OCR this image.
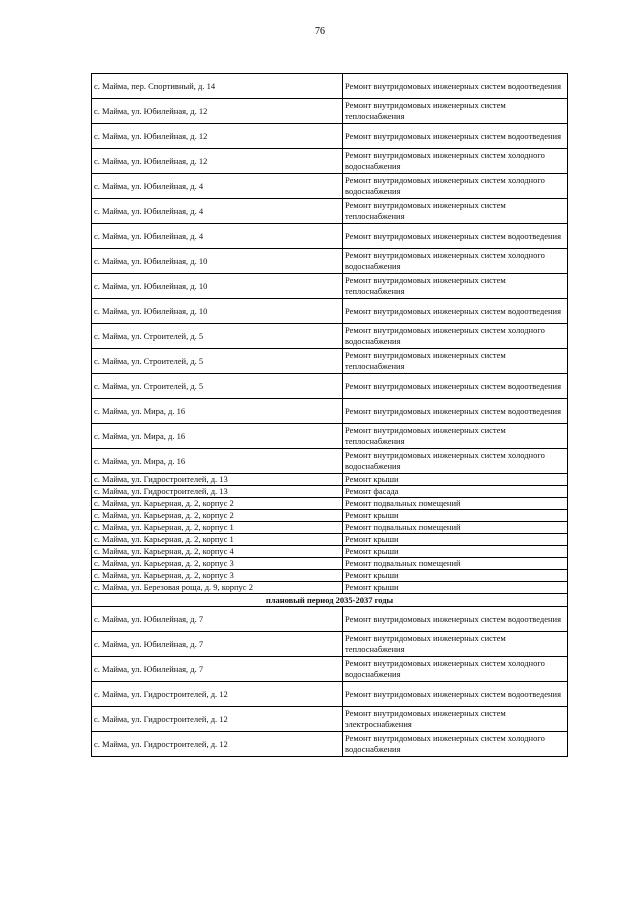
76
с. Майма, пер. Спортивный, д. 14	Ремонт внутридомовых инженерных систем водоотведения
с. Майма, ул. Юбилейная, д. 12	Ремонт внутридомовых инженерных систем теплоснабжения
с. Майма, ул. Юбилейная, д. 12	Ремонт внутридомовых инженерных систем водоотведения
с. Майма, ул. Юбилейная, д. 12	Ремонт внутридомовых инженерных систем холодного водоснабжения
с. Майма, ул. Юбилейная, д. 4	Ремонт внутридомовых инженерных систем холодного водоснабжения
с. Майма, ул. Юбилейная, д. 4	Ремонт внутридомовых инженерных систем теплоснабжения
с. Майма, ул. Юбилейная, д. 4	Ремонт внутридомовых инженерных систем водоотведения
с. Майма, ул. Юбилейная, д. 10	Ремонт внутридомовых инженерных систем холодного водоснабжения
с. Майма, ул. Юбилейная, д. 10	Ремонт внутридомовых инженерных систем теплоснабжения
с. Майма, ул. Юбилейная, д. 10	Ремонт внутридомовых инженерных систем водоотведения
с. Майма, ул. Строителей, д. 5	Ремонт внутридомовых инженерных систем холодного водоснабжения
с. Майма, ул. Строителей, д. 5	Ремонт внутридомовых инженерных систем теплоснабжения
с. Майма, ул. Строителей, д. 5	Ремонт внутридомовых инженерных систем водоотведения
с. Майма, ул. Мира, д. 16	Ремонт внутридомовых инженерных систем водоотведения
с. Майма, ул. Мира, д. 16	Ремонт внутридомовых инженерных систем теплоснабжения
с. Майма, ул. Мира, д. 16	Ремонт внутридомовых инженерных систем холодного водоснабжения
с. Майма, ул. Гидростроителей, д. 13	Ремонт крыши
с. Майма, ул. Гидростроителей, д. 13	Ремонт фасада
с. Майма, ул. Карьерная, д. 2, корпус 2	Ремонт подвальных помещений
с. Майма, ул. Карьерная, д. 2, корпус 2	Ремонт крыши
с. Майма, ул. Карьерная, д. 2, корпус 1	Ремонт подвальных помещений
с. Майма, ул. Карьерная, д. 2, корпус 1	Ремонт крыши
с. Майма, ул. Карьерная, д. 2, корпус 4	Ремонт крыши
с. Майма, ул. Карьерная, д. 2, корпус 3	Ремонт подвальных помещений
с. Майма, ул. Карьерная, д. 2, корпус 3	Ремонт крыши
с. Майма, ул. Березовая роща, д. 9, корпус 2	Ремонт крыши
плановый период 2035-2037 годы	
с. Майма, ул. Юбилейная, д. 7	Ремонт внутридомовых инженерных систем водоотведения
с. Майма, ул. Юбилейная, д. 7	Ремонт внутридомовых инженерных систем теплоснабжения
с. Майма, ул. Юбилейная, д. 7	Ремонт внутридомовых инженерных систем холодного водоснабжения
с. Майма, ул. Гидростроителей, д. 12	Ремонт внутридомовых инженерных систем водоотведения
с. Майма, ул. Гидростроителей, д. 12	Ремонт внутридомовых инженерных систем электроснабжения
с. Майма, ул. Гидростроителей, д. 12	Ремонт внутридомовых инженерных систем холодного водоснабжения
